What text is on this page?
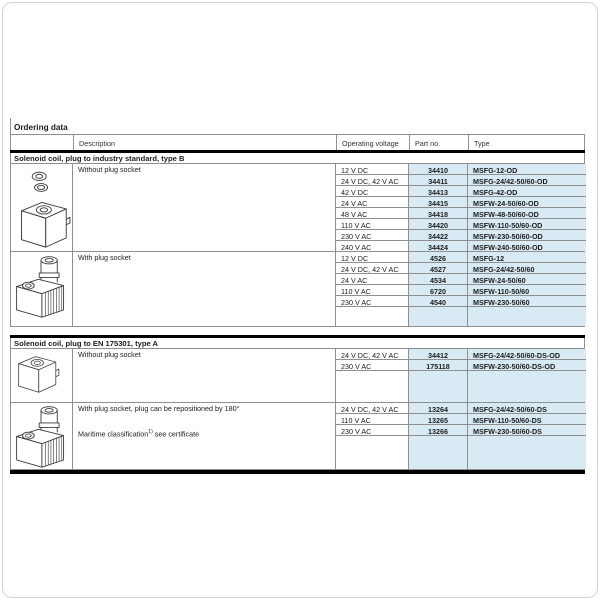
Ordering data
Description	Operating voltage	Part no.	Type
Solenoid coil, plug to industry standard, type B
Without plug socket	12 V DC	34410	MSFG-12-OD
24 V DC, 42 V AC	34411	MSFG-24/42-50/60-OD
42 V DC	34413	MSFG-42-OD
24 V AC	34415	MSFW-24-50/60-OD
48 V AC	34418	MSFW-48-50/60-OD
110 V AC	34420	MSFW-110-50/60-OD
230 V AC	34422	MSFW-230-50/60-OD
240 V AC	34424	MSFW-240-50/60-OD
With plug socket	12 V DC	4526	MSFG-12
24 V DC, 42 V AC	4527	MSFG-24/42-50/60
24 V AC	4534	MSFW-24-50/60
110 V AC	6720	MSFW-110-50/60
230 V AC	4540	MSFW-230-50/60
Solenoid coil, plug to EN 175301, type A
Without plug socket	24 V DC, 42 V AC	34412	MSFG-24/42-50/60-DS-OD
230 V AC	175118	MSFW-230-50/60-DS-OD
With plug socket, plug can be repositioned by 180°
Maritime classification$^{1)}$ see certificate
24 V DC, 42 V AC	13264	MSFG-24/42-50/60-DS
110 V AC	13265	MSFW-110-50/60-DS
230 V AC	13266	MSFW-230-50/60-DS
